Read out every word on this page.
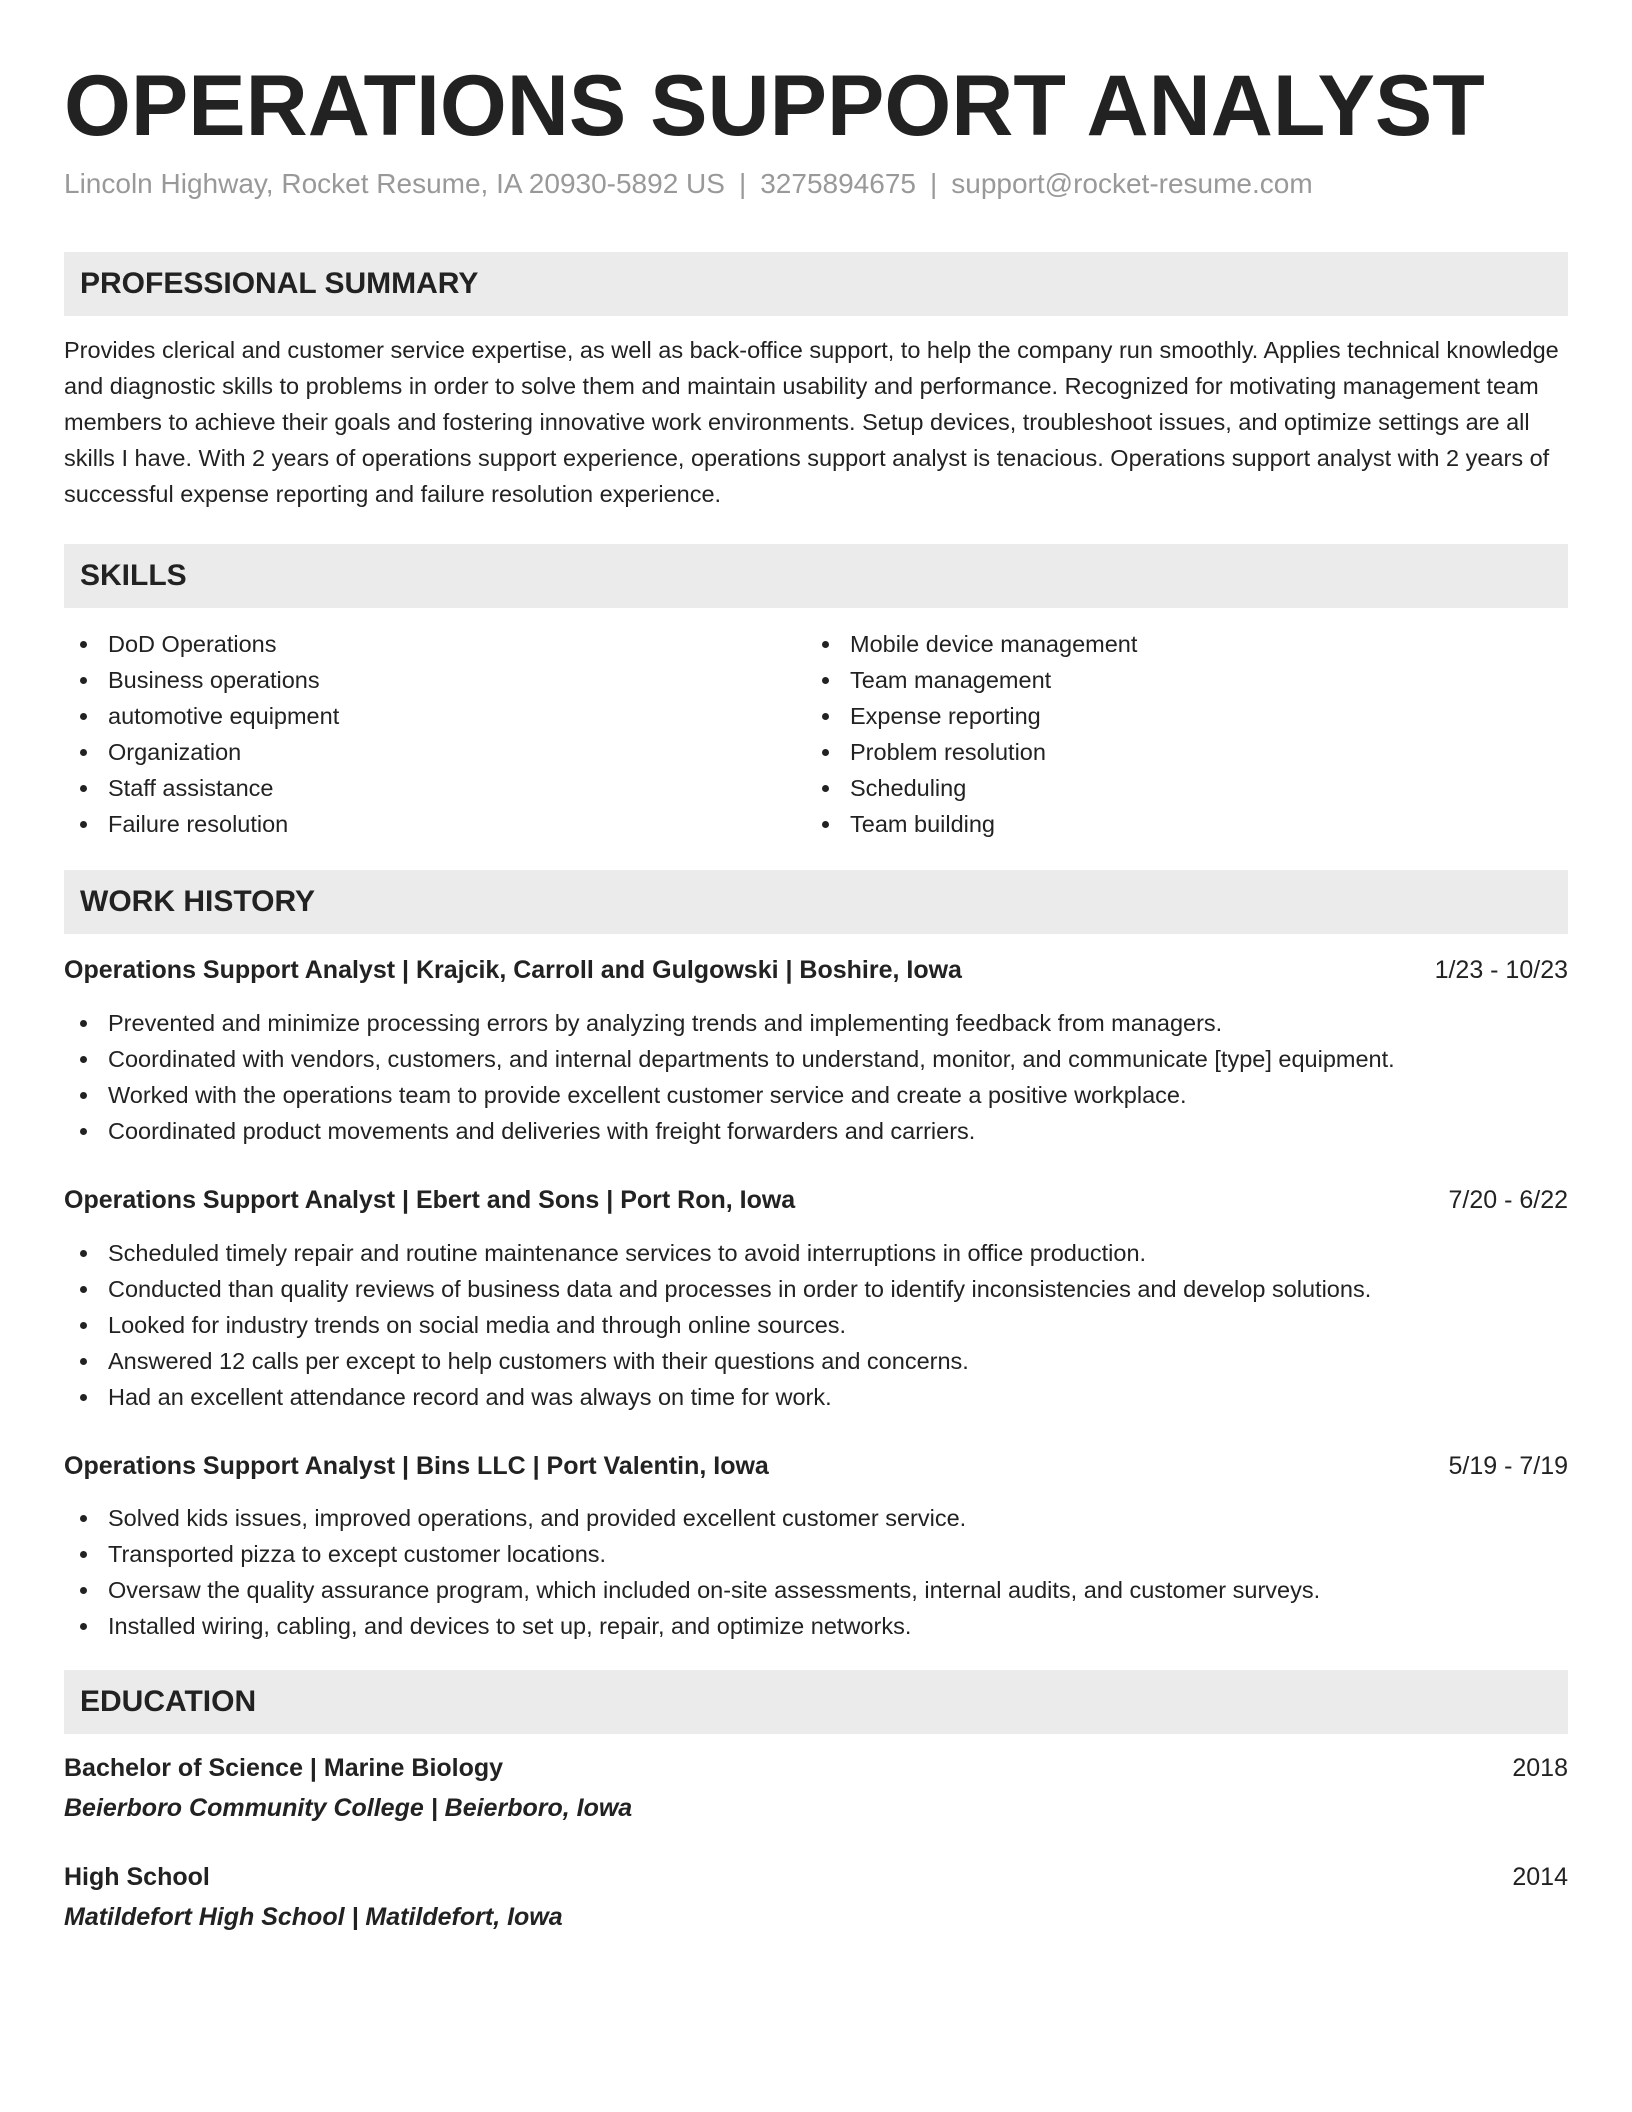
OPERATIONS SUPPORT ANALYST
Lincoln Highway, Rocket Resume, IA 20930-5892 US | 3275894675 | support@rocket-resume.com
PROFESSIONAL SUMMARY

Provides clerical and customer service expertise, as well as back-office support, to help the company run smoothly. Applies technical knowledge and diagnostic skills to problems in order to solve them and maintain usability and performance. Recognized for motivating management team members to achieve their goals and fostering innovative work environments. Setup devices, troubleshoot issues, and optimize settings are all skills I have. With 2 years of operations support experience, operations support analyst is tenacious. Operations support analyst with 2 years of successful expense reporting and failure resolution experience.

SKILLS
DoD Operations
Business operations
automotive equipment
Organization
Staff assistance
Failure resolution
Mobile device management
Team management
Expense reporting
Problem resolution
Scheduling
Team building
WORK HISTORY
Operations Support Analyst | Krajcik, Carroll and Gulgowski | Boshire, Iowa	1/23 - 10/23
Prevented and minimize processing errors by analyzing trends and implementing feedback from managers.
Coordinated with vendors, customers, and internal departments to understand, monitor, and communicate [type] equipment.
Worked with the operations team to provide excellent customer service and create a positive workplace.
Coordinated product movements and deliveries with freight forwarders and carriers.
Operations Support Analyst | Ebert and Sons | Port Ron, Iowa	7/20 - 6/22
Scheduled timely repair and routine maintenance services to avoid interruptions in office production.
Conducted than quality reviews of business data and processes in order to identify inconsistencies and develop solutions.
Looked for industry trends on social media and through online sources.
Answered 12 calls per except to help customers with their questions and concerns.
Had an excellent attendance record and was always on time for work.
Operations Support Analyst | Bins LLC | Port Valentin, Iowa	5/19 - 7/19
Solved kids issues, improved operations, and provided excellent customer service.
Transported pizza to except customer locations.
Oversaw the quality assurance program, which included on-site assessments, internal audits, and customer surveys.
Installed wiring, cabling, and devices to set up, repair, and optimize networks.
EDUCATION
Bachelor of Science | Marine Biology	2018
Beierboro Community College | Beierboro, Iowa
High School	2014
Matildefort High School | Matildefort, Iowa
